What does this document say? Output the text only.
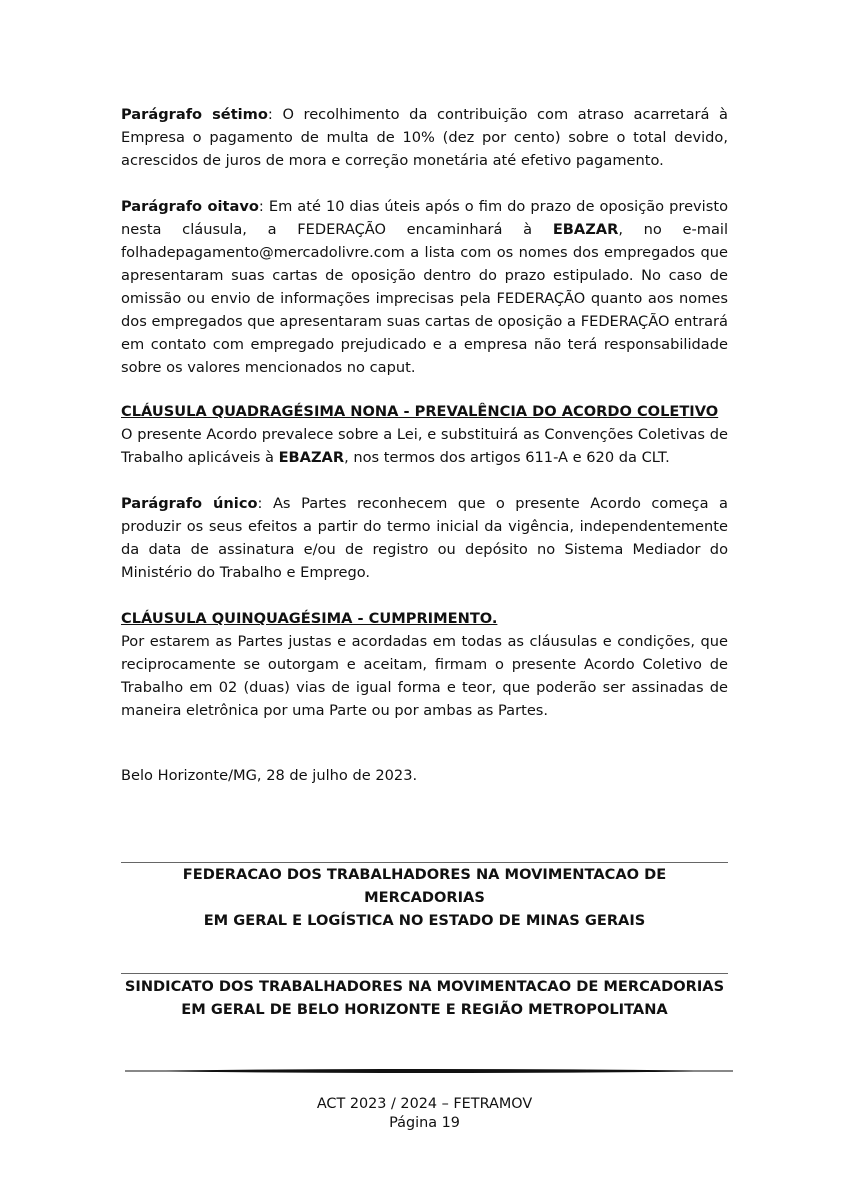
Parágrafo sétimo: O recolhimento da contribuição com atraso acarretará à Empresa o pagamento de multa de 10% (dez por cento) sobre o total devido, acrescidos de juros de mora e correção monetária até efetivo pagamento.

Parágrafo oitavo: Em até 10 dias úteis após o fim do prazo de oposição previsto nesta cláusula, a FEDERAÇÃO encaminhará à EBAZAR, no e-mail folhadepagamento@mercadolivre.com a lista com os nomes dos empregados que apresentaram suas cartas de oposição dentro do prazo estipulado. No caso de omissão ou envio de informações imprecisas pela FEDERAÇÃO quanto aos nomes dos empregados que apresentaram suas cartas de oposição a FEDERAÇÃO entrará em contato com empregado prejudicado e a empresa não terá responsabilidade sobre os valores mencionados no caput.

CLÁUSULA QUADRAGÉSIMA NONA - PREVALÊNCIA DO ACORDO COLETIVO

O presente Acordo prevalece sobre a Lei, e substituirá as Convenções Coletivas de Trabalho aplicáveis à EBAZAR, nos termos dos artigos 611-A e 620 da CLT.

Parágrafo único: As Partes reconhecem que o presente Acordo começa a produzir os seus efeitos a partir do termo inicial da vigência, independentemente da data de assinatura e/ou de registro ou depósito no Sistema Mediador do Ministério do Trabalho e Emprego.

CLÁUSULA QUINQUAGÉSIMA - CUMPRIMENTO.

Por estarem as Partes justas e acordadas em todas as cláusulas e condições, que reciprocamente se outorgam e aceitam, firmam o presente Acordo Coletivo de Trabalho em 02 (duas) vias de igual forma e teor, que poderão ser assinadas de maneira eletrônica por uma Parte ou por ambas as Partes.

Belo Horizonte/MG, 28 de julho de 2023.

FEDERACAO DOS TRABALHADORES NA MOVIMENTACAO DE MERCADORIAS
EM GERAL E LOGÍSTICA NO ESTADO DE MINAS GERAIS
SINDICATO DOS TRABALHADORES NA MOVIMENTACAO DE MERCADORIAS
EM GERAL DE BELO HORIZONTE E REGIÃO METROPOLITANA
ACT 2023 / 2024 – FETRAMOV
Página 19
